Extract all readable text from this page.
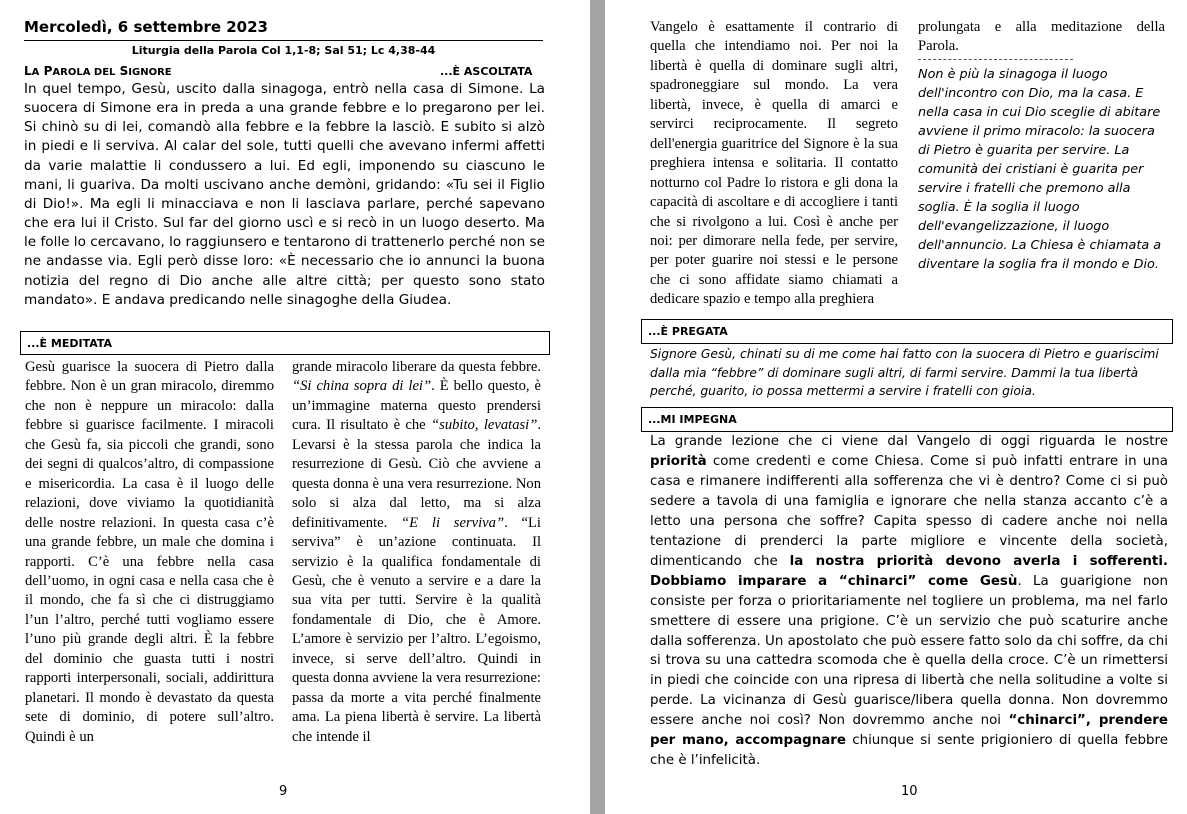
Mercoledì, 6 settembre 2023
Liturgia della Parola Col 1,1-8; Sal 51; Lc 4,38-44
LA PAROLA DEL SIGNORE	...È ASCOLTATA

In quel tempo, Gesù, uscito dalla sinagoga, entrò nella casa di Simone. La suocera di Simone era in preda a una grande febbre e lo pregarono per lei. Si chinò su di lei, comandò alla febbre e la febbre la lasciò. E subito si alzò in piedi e li serviva. Al calar del sole, tutti quelli che avevano infermi affetti da varie malattie li condussero a lui. Ed egli, imponendo su ciascuno le mani, li guariva. Da molti uscivano anche demòni, gridando: «Tu sei il Figlio di Dio!». Ma egli li minacciava e non li lasciava parlare, perché sapevano che era lui il Cristo. Sul far del giorno uscì e si recò in un luogo deserto. Ma le folle lo cercavano, lo raggiunsero e tentarono di trattenerlo perché non se ne andasse via. Egli però disse loro: «È necessario che io annunci la buona notizia del regno di Dio anche alle altre città; per questo sono stato mandato». E andava predicando nelle sinagoghe della Giudea.

...È MEDITATA

Gesù guarisce la suocera di Pietro dalla febbre. Non è un gran miracolo, diremmo che non è neppure un miracolo: dalla febbre si guarisce facilmente. I miracoli che Gesù fa, sia piccoli che grandi, sono dei segni di qualcos’altro, di compassione e misericordia. La casa è il luogo delle relazioni, dove viviamo la quotidianità delle nostre relazioni. In questa casa c’è una grande febbre, un male che domina i rapporti. C’è una febbre nella casa dell’uomo, in ogni casa e nella casa che è il mondo, che fa sì che ci distruggiamo l’un l’altro, perché tutti vogliamo essere l’uno più grande degli altri. È la febbre del dominio che guasta tutti i nostri rapporti interpersonali, sociali, addirittura planetari. Il mondo è devastato da questa sete di dominio, di potere sull’altro. Quindi è un

grande miracolo liberare da questa febbre. “Si china sopra di lei”. È bello questo, è un’immagine materna questo prendersi cura. Il risultato è che “subito, levatasi”. Levarsi è la stessa parola che indica la resurrezione di Gesù. Ciò che avviene a questa donna è una vera resurrezione. Non solo si alza dal letto, ma si alza definitivamente. “E li serviva”. “Li serviva” è un’azione continuata. Il servizio è la qualifica fondamentale di Gesù, che è venuto a servire e a dare la sua vita per tutti. Servire è la qualità fondamentale di Dio, che è Amore. L’amore è servizio per l’altro. L’egoismo, invece, si serve dell’altro. Quindi in questa donna avviene la vera resurrezione: passa da morte a vita perché finalmente ama. La piena libertà è servire. La libertà che intende il

9

Vangelo è esattamente il contrario di quella che intendiamo noi. Per noi la libertà è quella di dominare sugli altri, spadroneggiare sul mondo. La vera libertà, invece, è quella di amarci e servirci reciprocamente. Il segreto dell'energia guaritrice del Signore è la sua preghiera intensa e solitaria. Il contatto notturno col Padre lo ristora e gli dona la capacità di ascoltare e di accogliere i tanti che si rivolgono a lui. Così è anche per noi: per dimorare nella fede, per servire, per poter guarire noi stessi e le persone che ci sono affidate siamo chiamati a dedicare spazio e tempo alla preghiera

prolungata e alla meditazione della Parola.

Non è più la sinagoga il luogo dell'incontro con Dio, ma la casa. E nella casa in cui Dio sceglie di abitare avviene il primo miracolo: la suocera di Pietro è guarita per servire. La comunità dei cristiani è guarita per servire i fratelli che premono alla soglia. È la soglia il luogo dell'evangelizzazione, il luogo dell'annuncio. La Chiesa è chiamata a diventare la soglia fra il mondo e Dio.

...È PREGATA

Signore Gesù, chinati su di me come hai fatto con la suocera di Pietro e guariscimi dalla mia “febbre” di dominare sugli altri, di farmi servire. Dammi la tua libertà perché, guarito, io possa mettermi a servire i fratelli con gioia.

...MI IMPEGNA

La grande lezione che ci viene dal Vangelo di oggi riguarda le nostre priorità come credenti e come Chiesa. Come si può infatti entrare in una casa e rimanere indifferenti alla sofferenza che vi è dentro? Come ci si può sedere a tavola di una famiglia e ignorare che nella stanza accanto c’è a letto una persona che soffre? Capita spesso di cadere anche noi nella tentazione di prenderci la parte migliore e vincente della società, dimenticando che la nostra priorità devono averla i sofferenti. Dobbiamo imparare a “chinarci” come Gesù. La guarigione non consiste per forza o prioritariamente nel togliere un problema, ma nel farlo smettere di essere una prigione. C’è un servizio che può scaturire anche dalla sofferenza. Un apostolato che può essere fatto solo da chi soffre, da chi si trova su una cattedra scomoda che è quella della croce. C’è un rimettersi in piedi che coincide con una ripresa di libertà che nella solitudine a volte si perde. La vicinanza di Gesù guarisce/libera quella donna. Non dovremmo essere anche noi così? Non dovremmo anche noi “chinarci”, prendere per mano, accompagnare chiunque si sente prigioniero di quella febbre che è l’infelicità.

10
